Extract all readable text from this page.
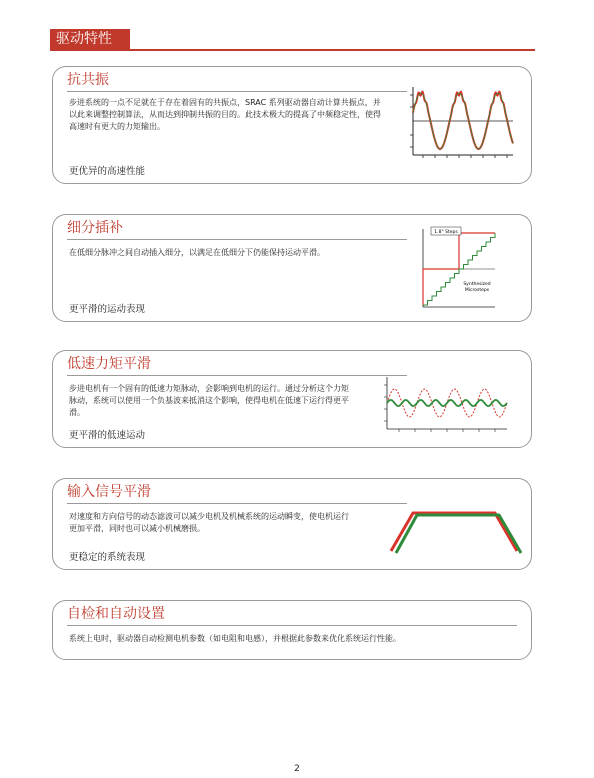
驱动特性
抗共振
步进系统的一点不足就在于存在着固有的共振点，SRAC 系列驱动器自动计算共振点，并以此来调整控制算法，从而达到抑制共振的目的。此技术极大的提高了中频稳定性，使得高速时有更大的力矩输出。
更优异的高速性能
细分插补
在低细分脉冲之间自动插入细分，以满足在低细分下仍能保持运动平滑。
更平滑的运动表现
1.8° Steps
Synthesized
Microsteps
低速力矩平滑
步进电机有一个固有的低速力矩脉动，会影响到电机的运行。通过分析这个力矩脉动，系统可以使用一个负基波来抵消这个影响，使得电机在低速下运行得更平滑。
更平滑的低速运动
输入信号平滑
对速度和方向信号的动态滤波可以减少电机及机械系统的运动瞬变，使电机运行更加平滑，同时也可以减小机械磨损。
更稳定的系统表现
自检和自动设置
系统上电时，驱动器自动检测电机参数（如电阻和电感），并根据此参数来优化系统运行性能。
2
